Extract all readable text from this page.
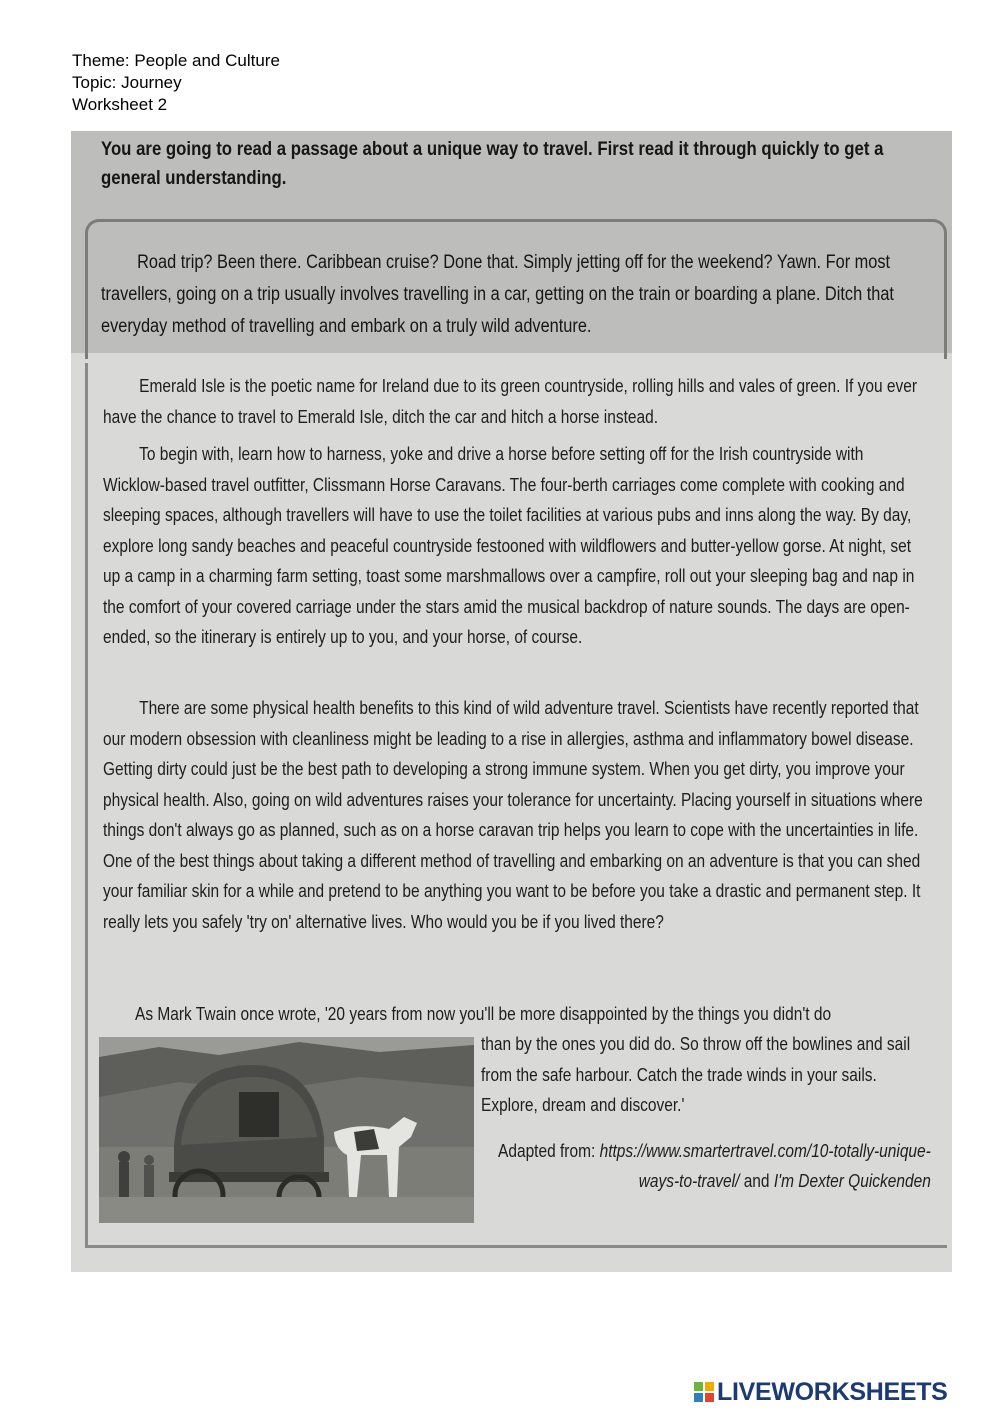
Theme: People and Culture
Topic: Journey
Worksheet 2
You are going to read a passage about a unique way to travel. First read it through quickly to get a general understanding.
Road trip? Been there. Caribbean cruise? Done that. Simply jetting off for the weekend? Yawn. For most travellers, going on a trip usually involves travelling in a car, getting on the train or boarding a plane. Ditch that everyday method of travelling and embark on a truly wild adventure.
Emerald Isle is the poetic name for Ireland due to its green countryside, rolling hills and vales of green. If you ever have the chance to travel to Emerald Isle, ditch the car and hitch a horse instead.
To begin with, learn how to harness, yoke and drive a horse before setting off for the Irish countryside with Wicklow-based travel outfitter, Clissmann Horse Caravans. The four-berth carriages come complete with cooking and sleeping spaces, although travellers will have to use the toilet facilities at various pubs and inns along the way. By day, explore long sandy beaches and peaceful countryside festooned with wildflowers and butter-yellow gorse. At night, set up a camp in a charming farm setting, toast some marshmallows over a campfire, roll out your sleeping bag and nap in the comfort of your covered carriage under the stars amid the musical backdrop of nature sounds. The days are open-ended, so the itinerary is entirely up to you, and your horse, of course.
There are some physical health benefits to this kind of wild adventure travel. Scientists have recently reported that our modern obsession with cleanliness might be leading to a rise in allergies, asthma and inflammatory bowel disease. Getting dirty could just be the best path to developing a strong immune system. When you get dirty, you improve your physical health. Also, going on wild adventures raises your tolerance for uncertainty. Placing yourself in situations where things don't always go as planned, such as on a horse caravan trip helps you learn to cope with the uncertainties in life. One of the best things about taking a different method of travelling and embarking on an adventure is that you can shed your familiar skin for a while and pretend to be anything you want to be before you take a drastic and permanent step. It really lets you safely 'try on' alternative lives. Who would you be if you lived there?
As Mark Twain once wrote, '20 years from now you'll be more disappointed by the things you didn't do
than by the ones you did do. So throw off the bowlines and sail from the safe harbour. Catch the trade winds in your sails. Explore, dream and discover.'
Adapted from: https://www.smartertravel.com/10-totally-unique-ways-to-travel/ and I'm Dexter Quickenden
LIVEWORKSHEETS
